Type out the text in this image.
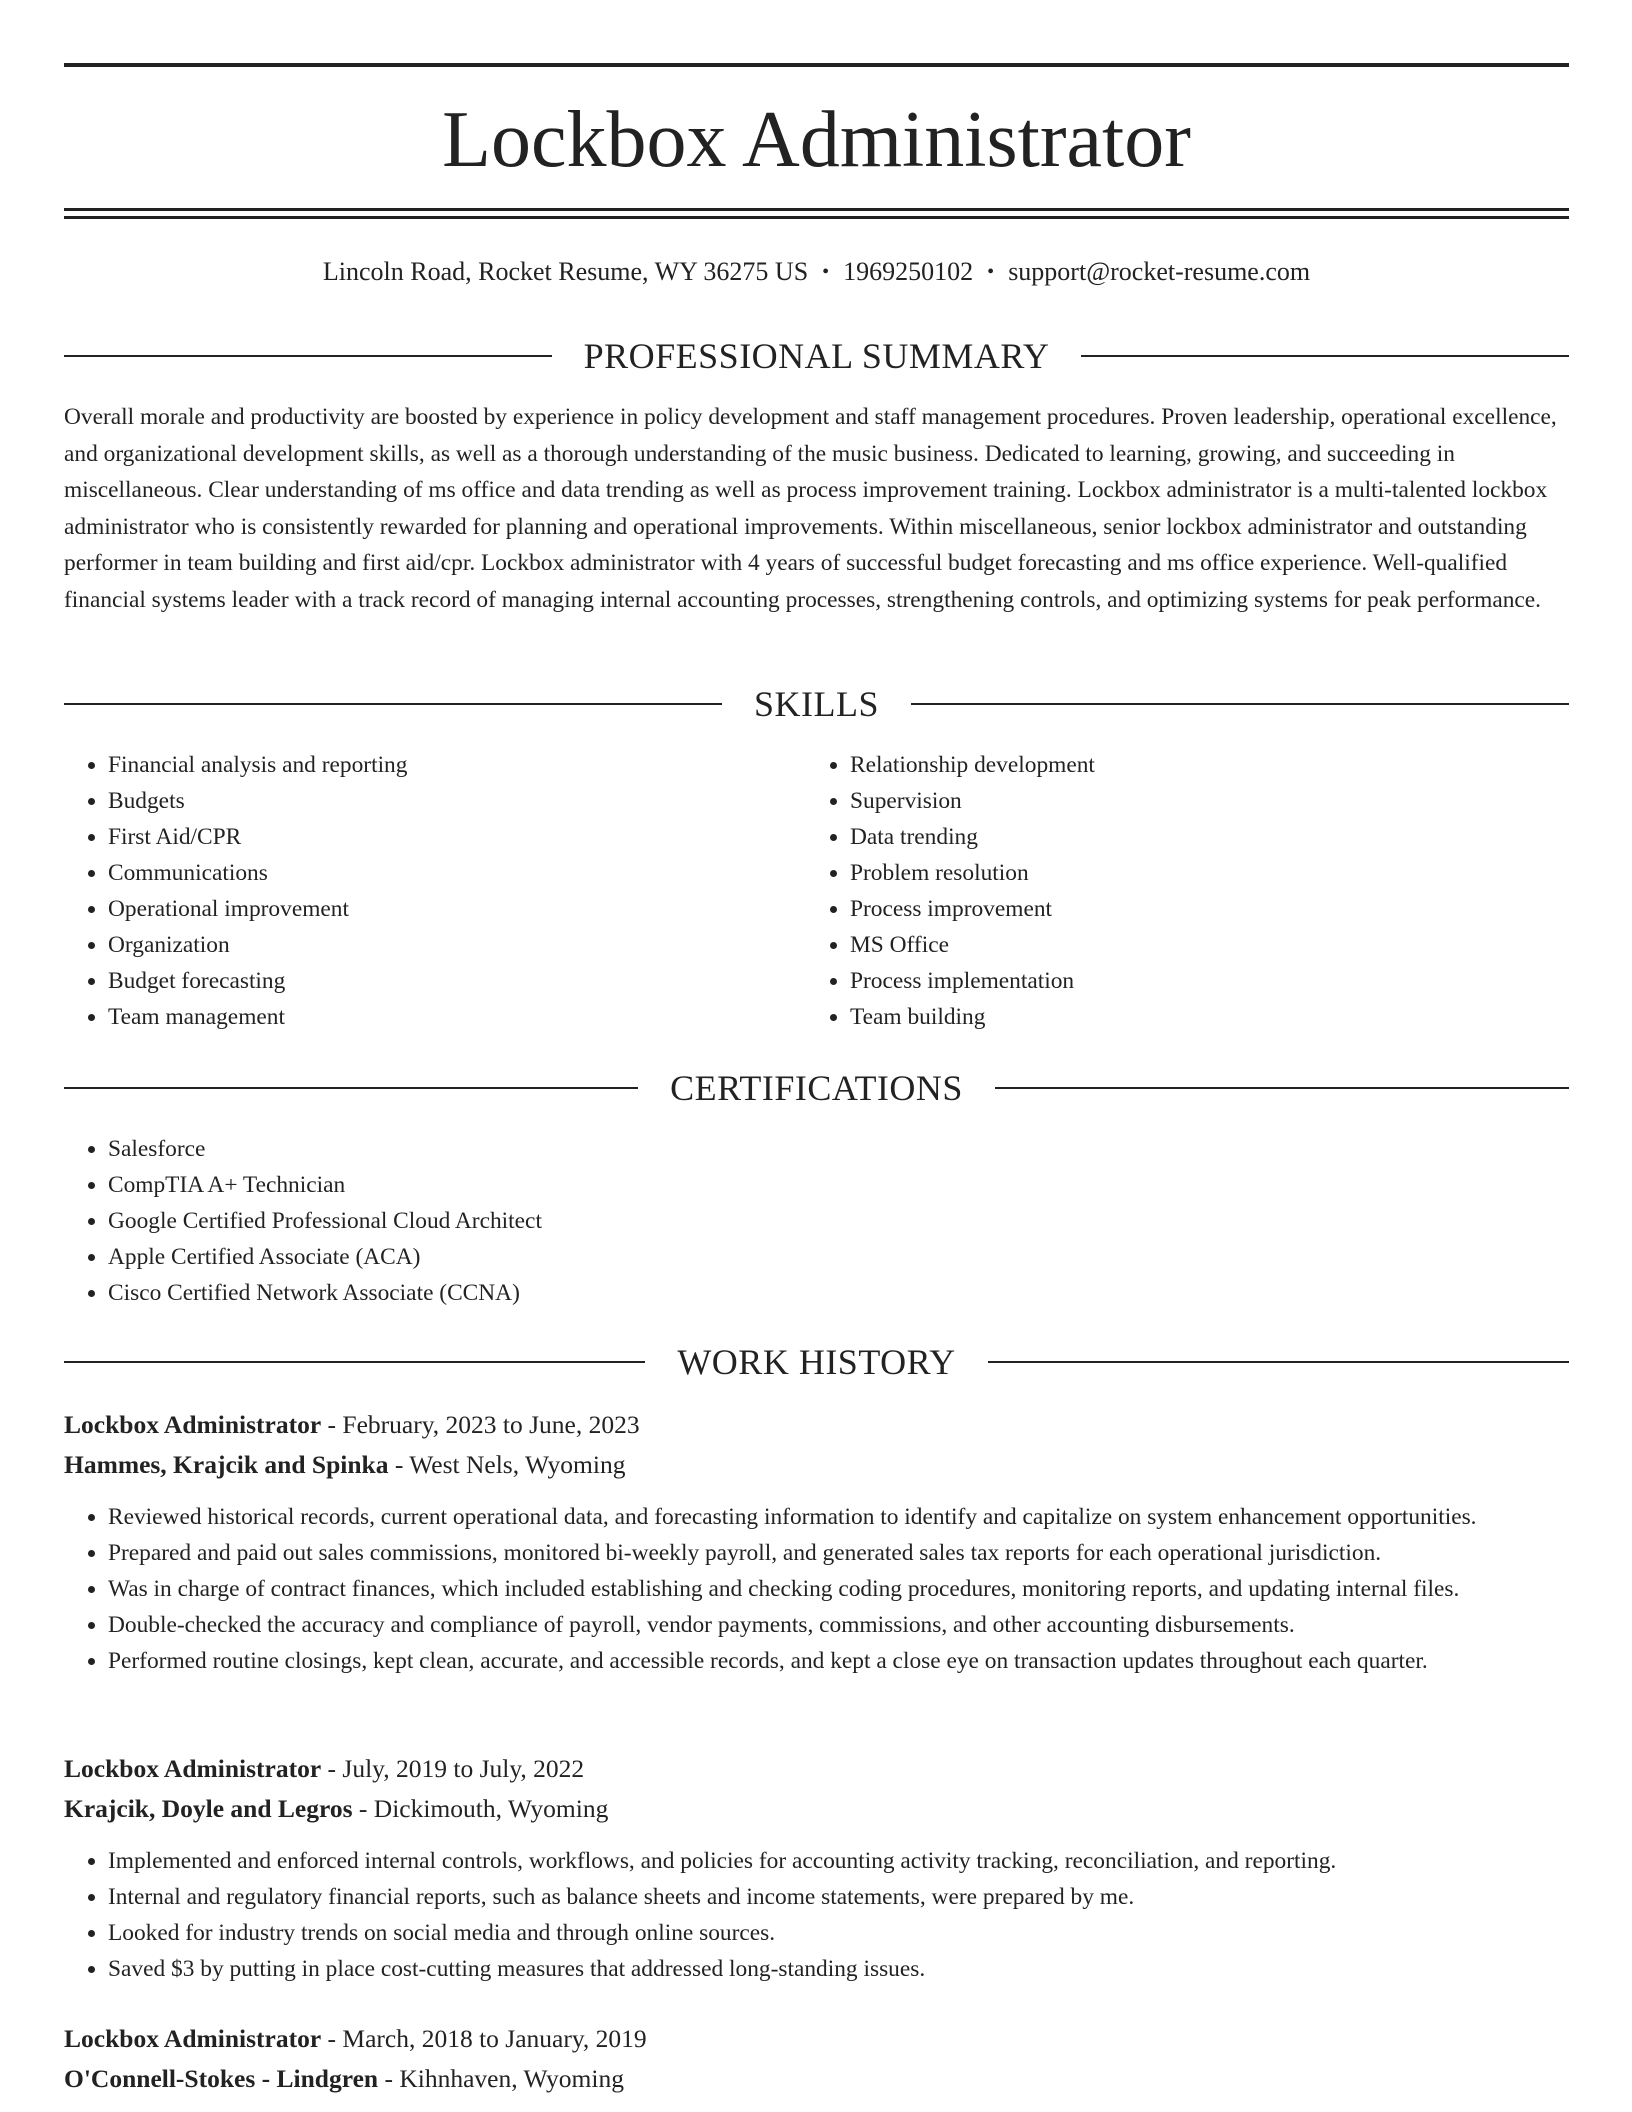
Lockbox Administrator
Lincoln Road, Rocket Resume, WY 36275 US • 1969250102 • support@rocket-resume.com
PROFESSIONAL SUMMARY

Overall morale and productivity are boosted by experience in policy development and staff management procedures. Proven leadership, operational excellence, and organizational development skills, as well as a thorough understanding of the music business. Dedicated to learning, growing, and succeeding in miscellaneous. Clear understanding of ms office and data trending as well as process improvement training. Lockbox administrator is a multi-talented lockbox administrator who is consistently rewarded for planning and operational improvements. Within miscellaneous, senior lockbox administrator and outstanding performer in team building and first aid/cpr. Lockbox administrator with 4 years of successful budget forecasting and ms office experience. Well-qualified financial systems leader with a track record of managing internal accounting processes, strengthening controls, and optimizing systems for peak performance.

SKILLS
• Financial analysis and reporting
• Budgets
• First Aid/CPR
• Communications
• Operational improvement
• Organization
• Budget forecasting
• Team management
• Relationship development
• Supervision
• Data trending
• Problem resolution
• Process improvement
• MS Office
• Process implementation
• Team building
CERTIFICATIONS
• Salesforce
• CompTIA A+ Technician
• Google Certified Professional Cloud Architect
• Apple Certified Associate (ACA)
• Cisco Certified Network Associate (CCNA)
WORK HISTORY
Lockbox Administrator - February, 2023 to June, 2023
Hammes, Krajcik and Spinka - West Nels, Wyoming
• Reviewed historical records, current operational data, and forecasting information to identify and capitalize on system enhancement opportunities.
• Prepared and paid out sales commissions, monitored bi-weekly payroll, and generated sales tax reports for each operational jurisdiction.
• Was in charge of contract finances, which included establishing and checking coding procedures, monitoring reports, and updating internal files.
• Double-checked the accuracy and compliance of payroll, vendor payments, commissions, and other accounting disbursements.
• Performed routine closings, kept clean, accurate, and accessible records, and kept a close eye on transaction updates throughout each quarter.
Lockbox Administrator - July, 2019 to July, 2022
Krajcik, Doyle and Legros - Dickimouth, Wyoming
• Implemented and enforced internal controls, workflows, and policies for accounting activity tracking, reconciliation, and reporting.
• Internal and regulatory financial reports, such as balance sheets and income statements, were prepared by me.
• Looked for industry trends on social media and through online sources.
• Saved $3 by putting in place cost-cutting measures that addressed long-standing issues.
Lockbox Administrator - March, 2018 to January, 2019
O'Connell-Stokes - Lindgren - Kihnhaven, Wyoming
